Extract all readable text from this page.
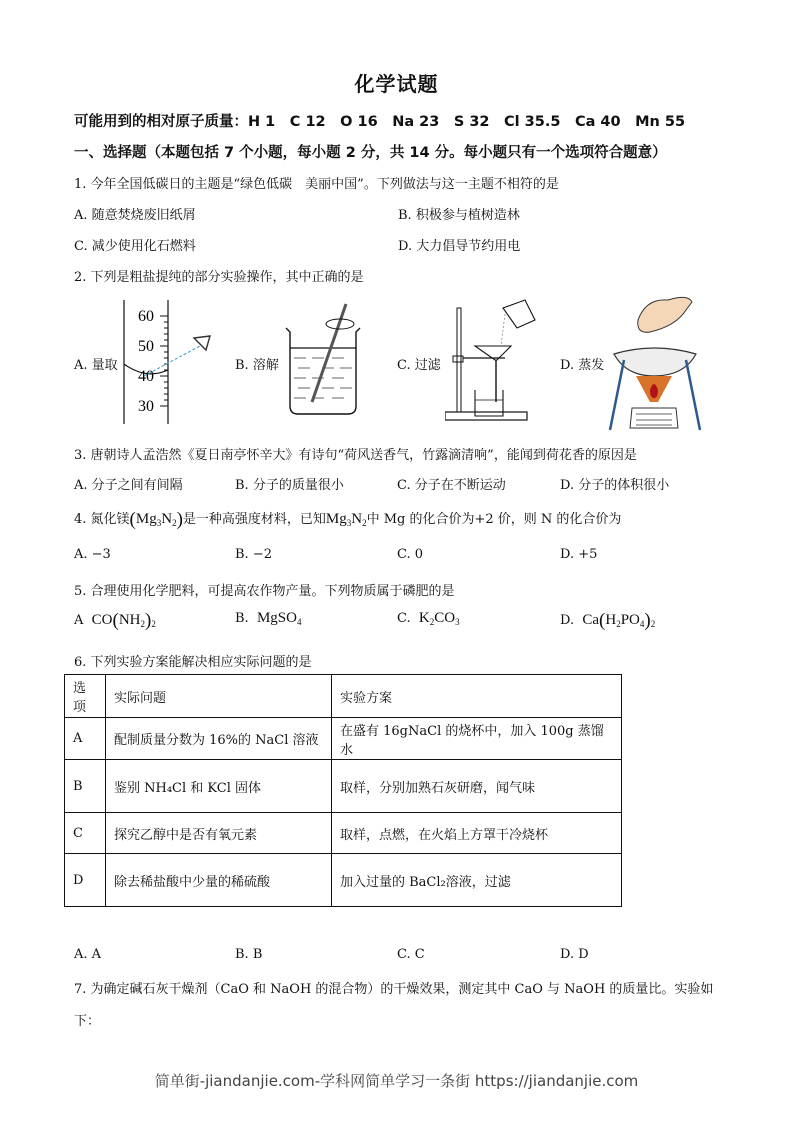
化学试题
可能用到的相对原子质量：H 1　C 12　O 16　Na 23　S 32　Cl 35.5　Ca 40　Mn 55
一、选择题（本题包括 7 个小题，每小题 2 分，共 14 分。每小题只有一个选项符合题意）
1. 今年全国低碳日的主题是“绿色低碳　美丽中国”。下列做法与这一主题不相符的是
A. 随意焚烧废旧纸屑	B. 积极参与植树造林
C. 减少使用化石燃料	D. 大力倡导节约用电
2. 下列是粗盐提纯的部分实验操作，其中正确的是
A. 量取	B. 溶解	C. 过滤	D. 蒸发
60
50
40
30
3. 唐朝诗人孟浩然《夏日南亭怀辛大》有诗句“荷风送香气，竹露滴清响”，能闻到荷花香的原因是
A. 分子之间有间隔	B. 分子的质量很小	C. 分子在不断运动	D. 分子的体积很小
4. 氮化镁$(Mg_3N_2)$是一种高强度材料，已知$Mg_3N_2$中 Mg 的化合价为+2 价，则 N 的化合价为
A. −3	B. −2	C. 0	D. +5
5. 合理使用化学肥料，可提高农作物产量。下列物质属于磷肥的是
A $CO(NH_2)_2$	B. MgSO$_4$	C. $K_2CO_3$	D. $Ca(H_2PO_4)_2$
6. 下列实验方案能解决相应实际问题的是
选项	实际问题	实验方案
A	配制质量分数为 16%的 NaCl 溶液	在盛有 16gNaCl 的烧杯中，加入 100g 蒸馏水
B	鉴别 NH₄Cl 和 KCl 固体	取样，分别加熟石灰研磨，闻气味
C	探究乙醇中是否有氧元素	取样，点燃，在火焰上方罩干冷烧杯
D	除去稀盐酸中少量的稀硫酸	加入过量的 BaCl₂溶液，过滤
A. A	B. B	C. C	D. D
7. 为确定碱石灰干燥剂（CaO 和 NaOH 的混合物）的干燥效果，测定其中 CaO 与 NaOH 的质量比。实验如
下：
简单街-jiandanjie.com-学科网简单学习一条街 https://jiandanjie.com
